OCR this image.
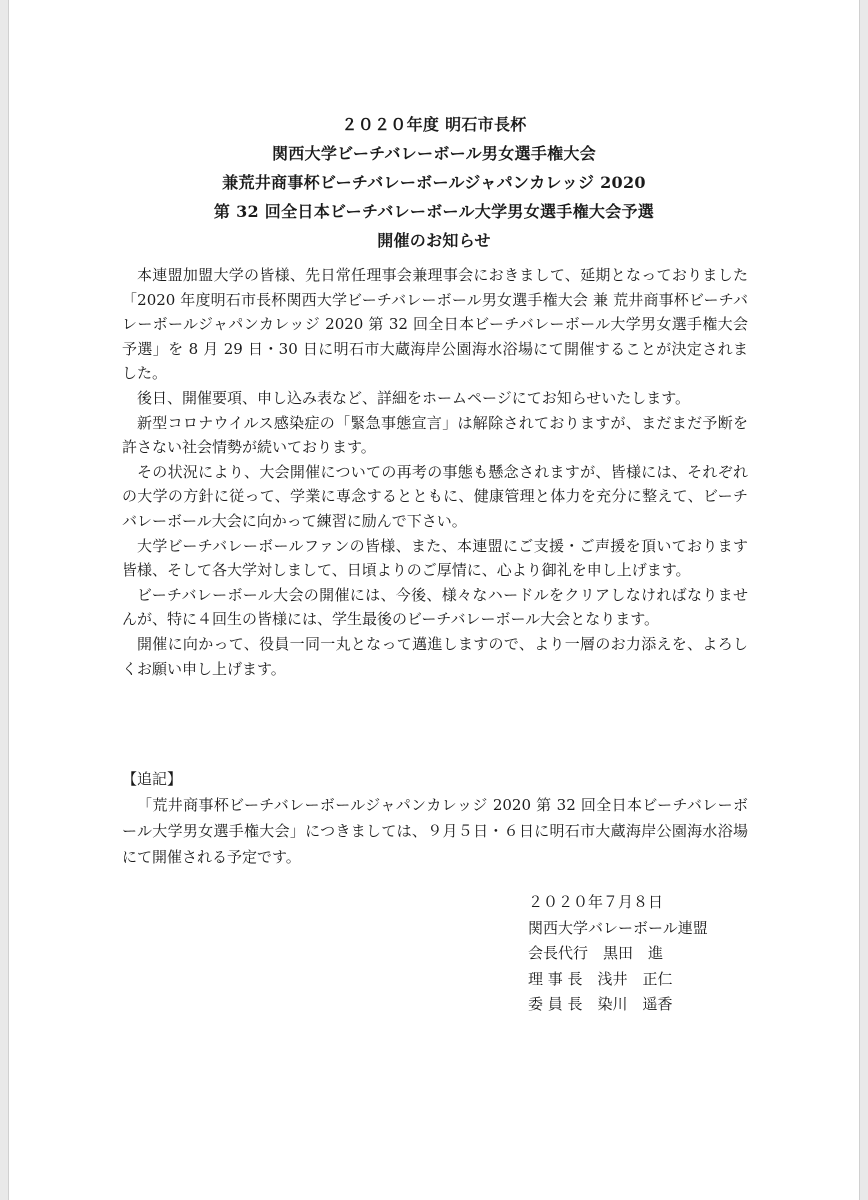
２０２０年度 明石市長杯
関西大学ビーチバレーボール男女選手権大会
兼荒井商事杯ビーチバレーボールジャパンカレッジ 2020
第 32 回全日本ビーチバレーボール大学男女選手権大会予選
開催のお知らせ

本連盟加盟大学の皆様、先日常任理事会兼理事会におきまして、延期となっておりました「2020 年度明石市長杯関西大学ビーチバレーボール男女選手権大会 兼 荒井商事杯ビーチバレーボールジャパンカレッジ 2020 第 32 回全日本ビーチバレーボール大学男女選手権大会予選」を 8 月 29 日・30 日に明石市大蔵海岸公園海水浴場にて開催することが決定されました。

後日、開催要項、申し込み表など、詳細をホームページにてお知らせいたします。

新型コロナウイルス感染症の「緊急事態宣言」は解除されておりますが、まだまだ予断を許さない社会情勢が続いております。

その状況により、大会開催についての再考の事態も懸念されますが、皆様には、それぞれの大学の方針に従って、学業に専念するとともに、健康管理と体力を充分に整えて、ビーチバレーボール大会に向かって練習に励んで下さい。

大学ビーチバレーボールファンの皆様、また、本連盟にご支援・ご声援を頂いております皆様、そして各大学対しまして、日頃よりのご厚情に、心より御礼を申し上げます。

ビーチバレーボール大会の開催には、今後、様々なハードルをクリアしなければなりませんが、特に４回生の皆様には、学生最後のビーチバレーボール大会となります。

開催に向かって、役員一同一丸となって邁進しますので、より一層のお力添えを、よろしくお願い申し上げます。

【追記】

「荒井商事杯ビーチバレーボールジャパンカレッジ 2020 第 32 回全日本ビーチバレーボール大学男女選手権大会」につきましては、９月５日・６日に明石市大蔵海岸公園海水浴場にて開催される予定です。

２０２０年７月８日
関西大学バレーボール連盟
会長代行　黒田　進
理 事 長　浅井　正仁
委 員 長　染川　遥香
